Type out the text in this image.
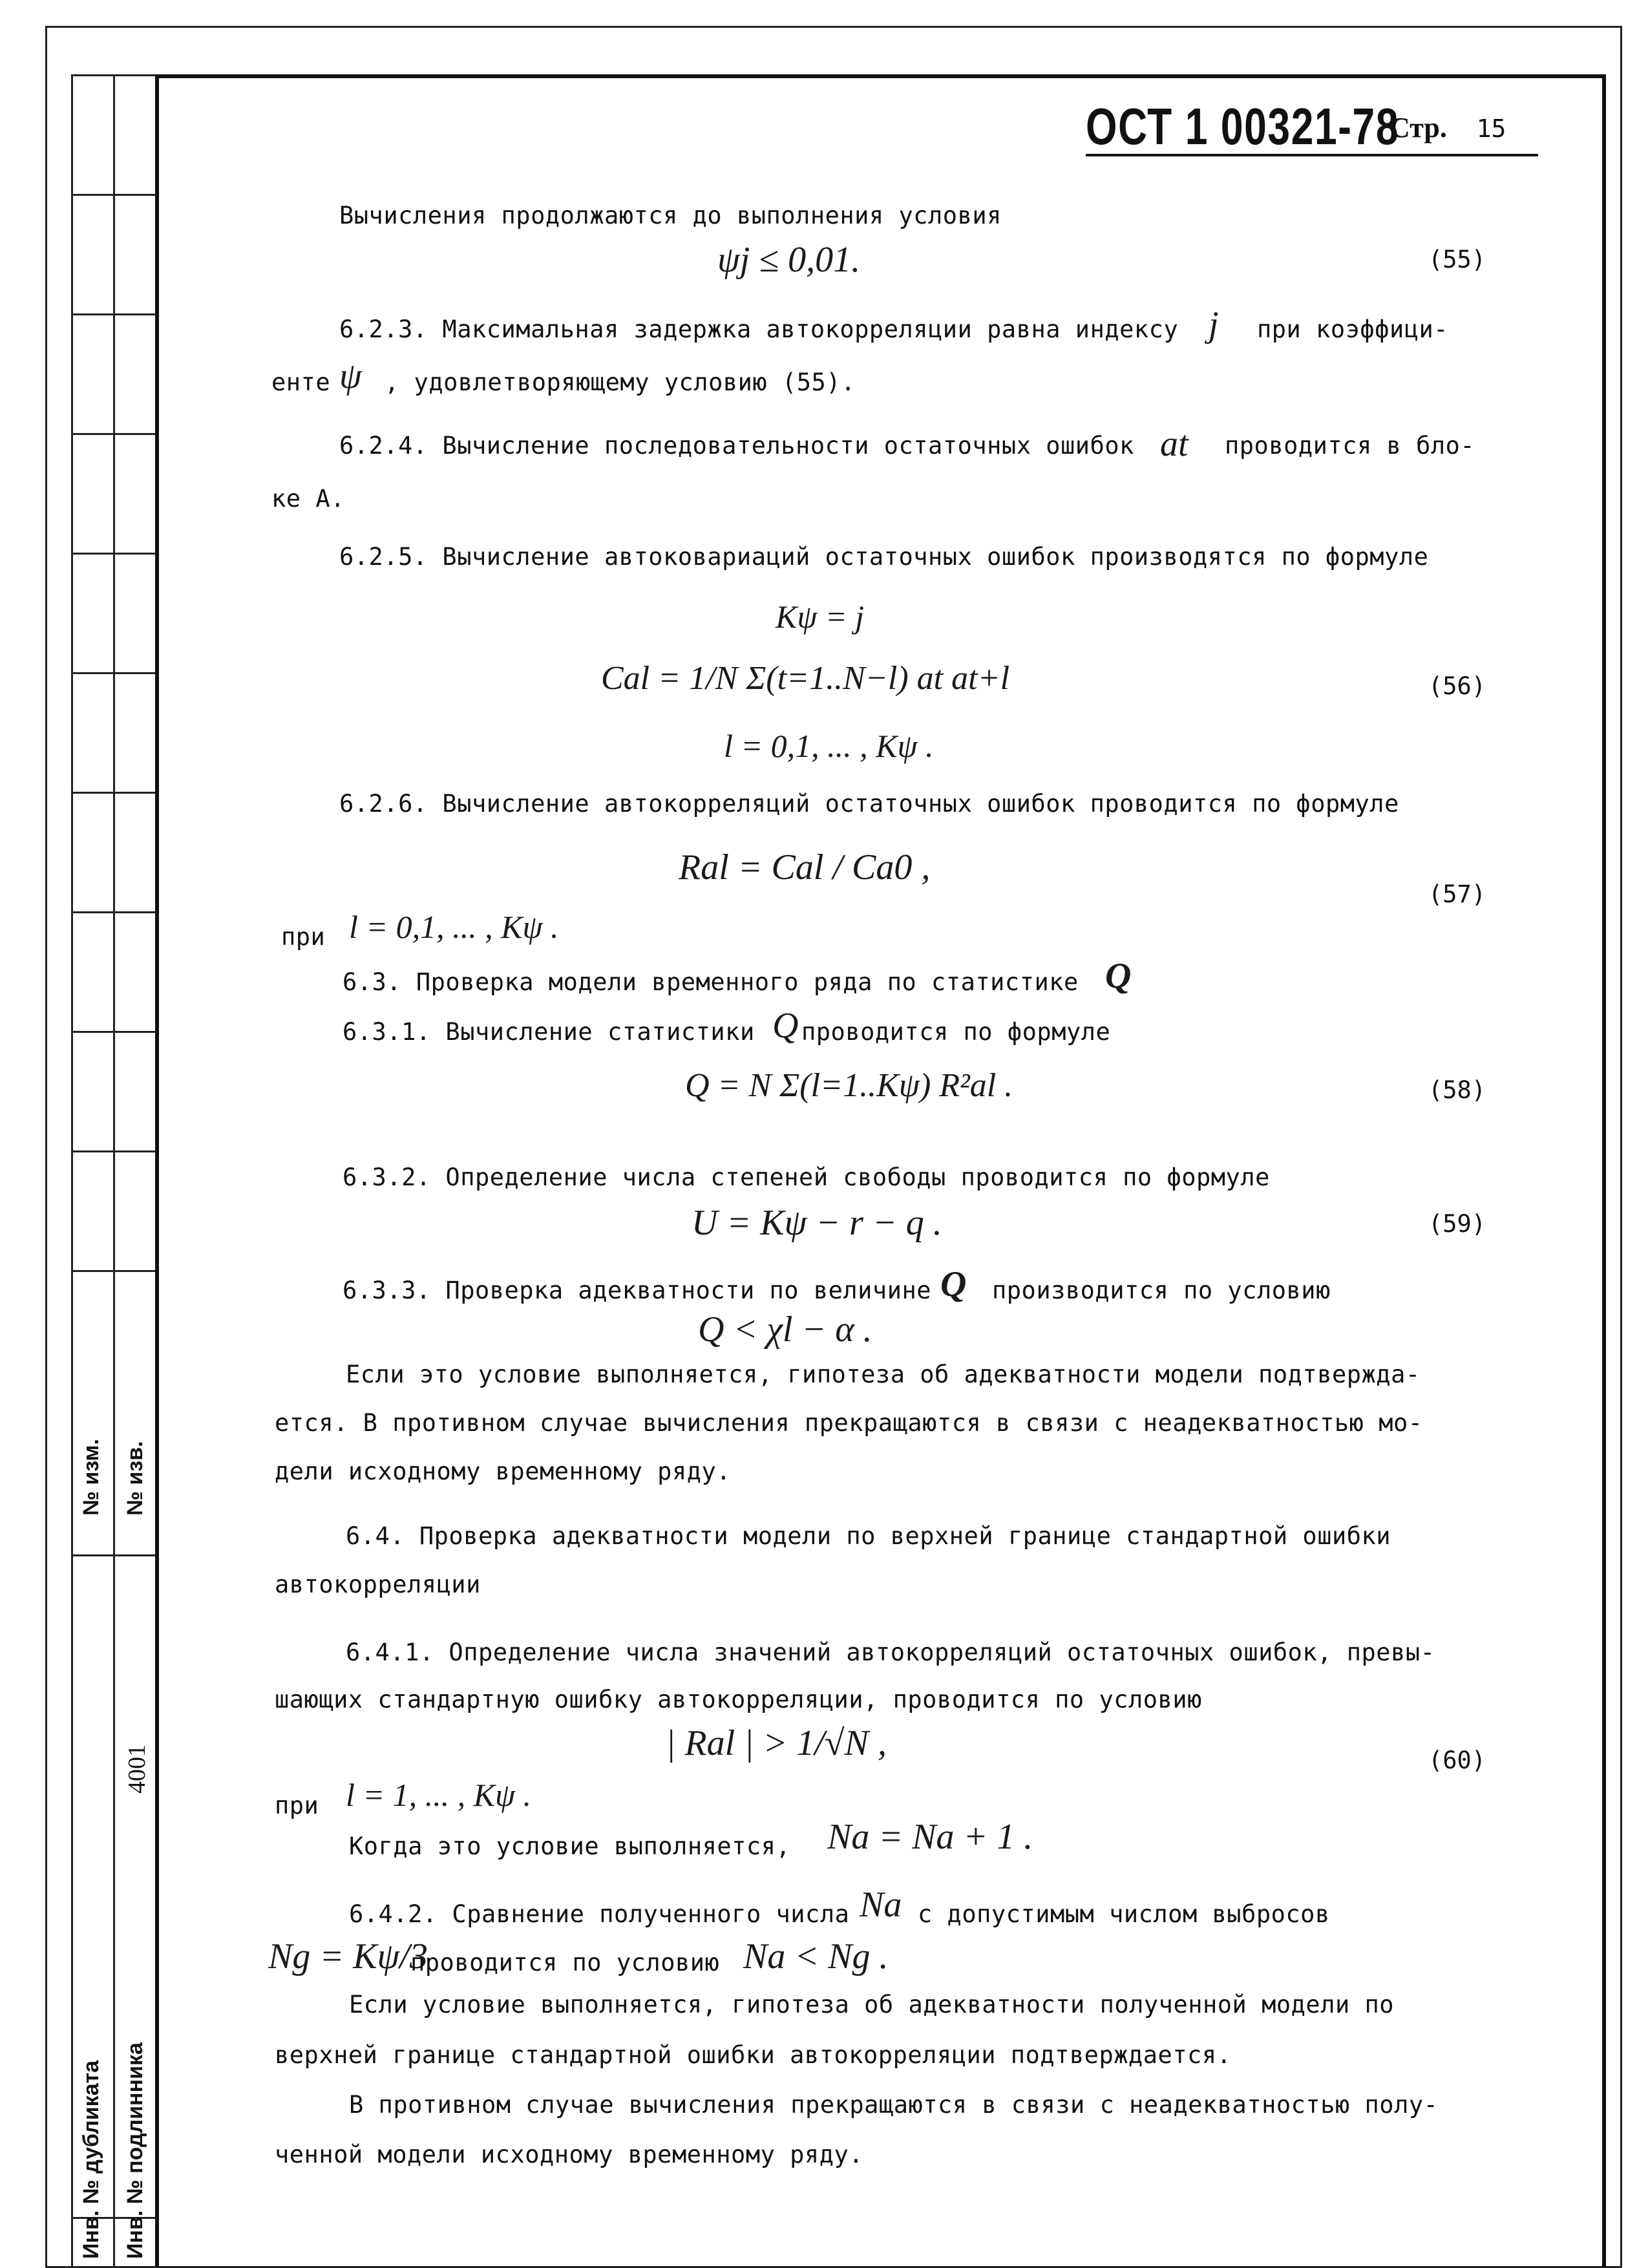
№ изм. № изв.
4001
Инв. № дубликата Инв. № подлинника
ОСТ 1 00321-78
Стр. 15
Вычисления продолжаются до выполнения условия
ψj ≤ 0,01.	(55)
6.2.3. Максимальная задержка автокорреляции равна индексу j при коэффици-
енте ψ , удовлетворяющему условию (55).
6.2.4. Вычисление последовательности остаточных ошибок at проводится в бло-
ке А.
6.2.5. Вычисление автоковариаций остаточных ошибок производятся по формуле
Kψ = j
Cal = 1/N Σ(t=1..N−l) at at+l
l = 0,1, ... , Kψ .
(56)
6.2.6. Вычисление автокорреляций остаточных ошибок проводится по формуле
Ral = Cal / Ca0 ,
(57)
при l = 0,1, ... , Kψ .
6.3. Проверка модели временного ряда по статистике Q
6.3.1. Вычисление статистики Q проводится по формуле
Q = N Σ(l=1..Kψ) R²al .	(58)
6.3.2. Определение числа степеней свободы проводится по формуле
U = Kψ − r − q .	(59)
6.3.3. Проверка адекватности по величине Q производится по условию
Q < χl − α .
Если это условие выполняется, гипотеза об адекватности модели подтвержда-
ется. В противном случае вычисления прекращаются в связи с неадекватностью мо-
дели исходному временному ряду.
6.4. Проверка адекватности модели по верхней границе стандартной ошибки
автокорреляции
6.4.1. Определение числа значений автокорреляций остаточных ошибок, превы-
шающих стандартную ошибку автокорреляции, проводится по условию
| Ral | > 1/√N ,	(60)
при l = 1, ... , Kψ .
Когда это условие выполняется, Na = Na + 1 .
6.4.2. Сравнение полученного числа Na с допустимым числом выбросов
Ng = Kψ/3
проводится по условию Na < Ng .
Если условие выполняется, гипотеза об адекватности полученной модели по
верхней границе стандартной ошибки автокорреляции подтверждается.
В противном случае вычисления прекращаются в связи с неадекватностью полу-
ченной модели исходному временному ряду.
